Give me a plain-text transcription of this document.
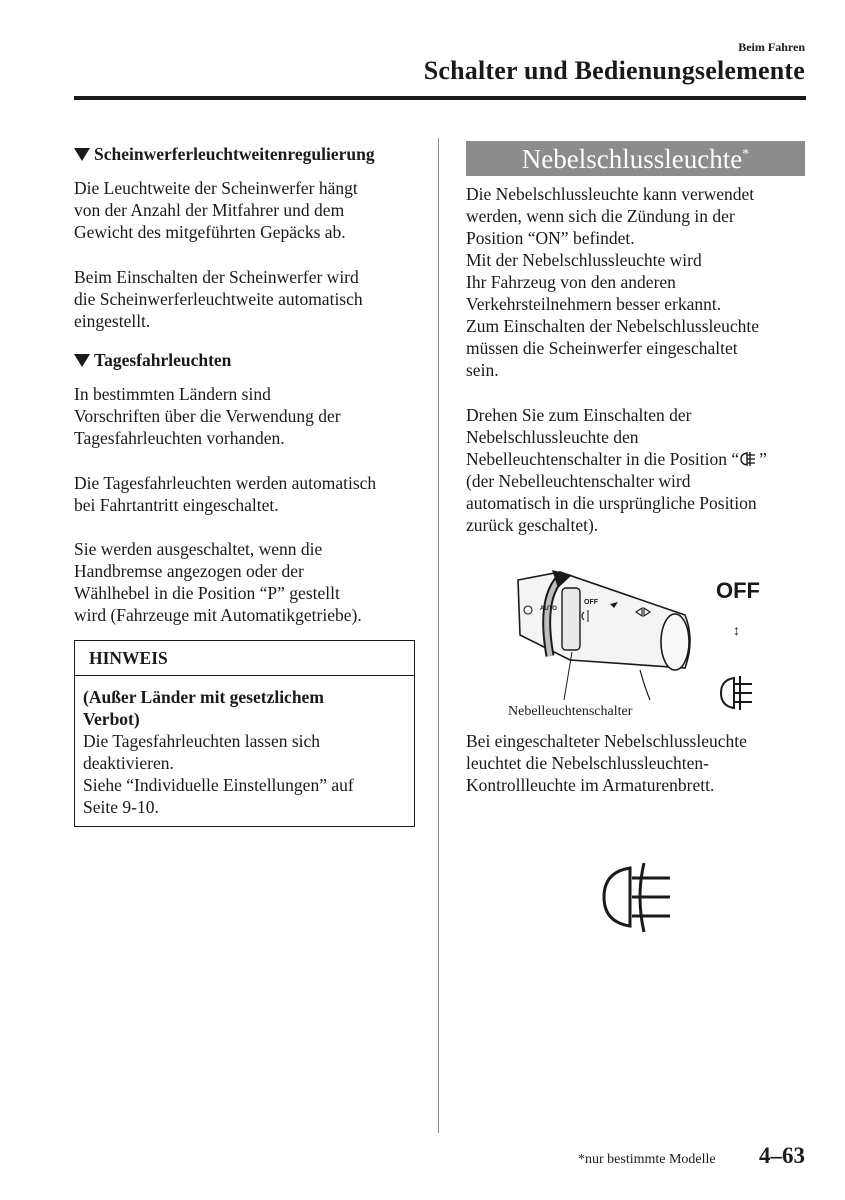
Beim Fahren
Schalter und Bedienungselemente
Scheinwerferleuchtweitenregulierung

Die Leuchtweite der Scheinwerfer hängt

von der Anzahl der Mitfahrer und dem

Gewicht des mitgeführten Gepäcks ab.

Beim Einschalten der Scheinwerfer wird

die Scheinwerferleuchtweite automatisch

eingestellt.

Tagesfahrleuchten

In bestimmten Ländern sind

Vorschriften über die Verwendung der

Tagesfahrleuchten vorhanden.

Die Tagesfahrleuchten werden automatisch

bei Fahrtantritt eingeschaltet.

Sie werden ausgeschaltet, wenn die

Handbremse angezogen oder der

Wählhebel in die Position “P” gestellt

wird (Fahrzeuge mit Automatikgetriebe).

HINWEIS

(Außer Länder mit gesetzlichem

Verbot)

Die Tagesfahrleuchten lassen sich

deaktivieren.

Siehe “Individuelle Einstellungen” auf

Seite 9-10.

Nebelschlussleuchte*

Die Nebelschlussleuchte kann verwendet

werden, wenn sich die Zündung in der

Position “ON” befindet.

Mit der Nebelschlussleuchte wird

Ihr Fahrzeug von den anderen

Verkehrsteilnehmern besser erkannt.

Zum Einschalten der Nebelschlussleuchte

müssen die Scheinwerfer eingeschaltet

sein.

Drehen Sie zum Einschalten der

Nebelschlussleuchte den

Nebelleuchtenschalter in die Position “ ”

(der Nebelleuchtenschalter wird

automatisch in die ursprüngliche Position

zurück geschaltet).

OFF
AUTO
OFF
↕
Nebelleuchtenschalter

Bei eingeschalteter Nebelschlussleuchte

leuchtet die Nebelschlussleuchten-

Kontrollleuchte im Armaturenbrett.

*nur bestimmte Modelle 4–63
